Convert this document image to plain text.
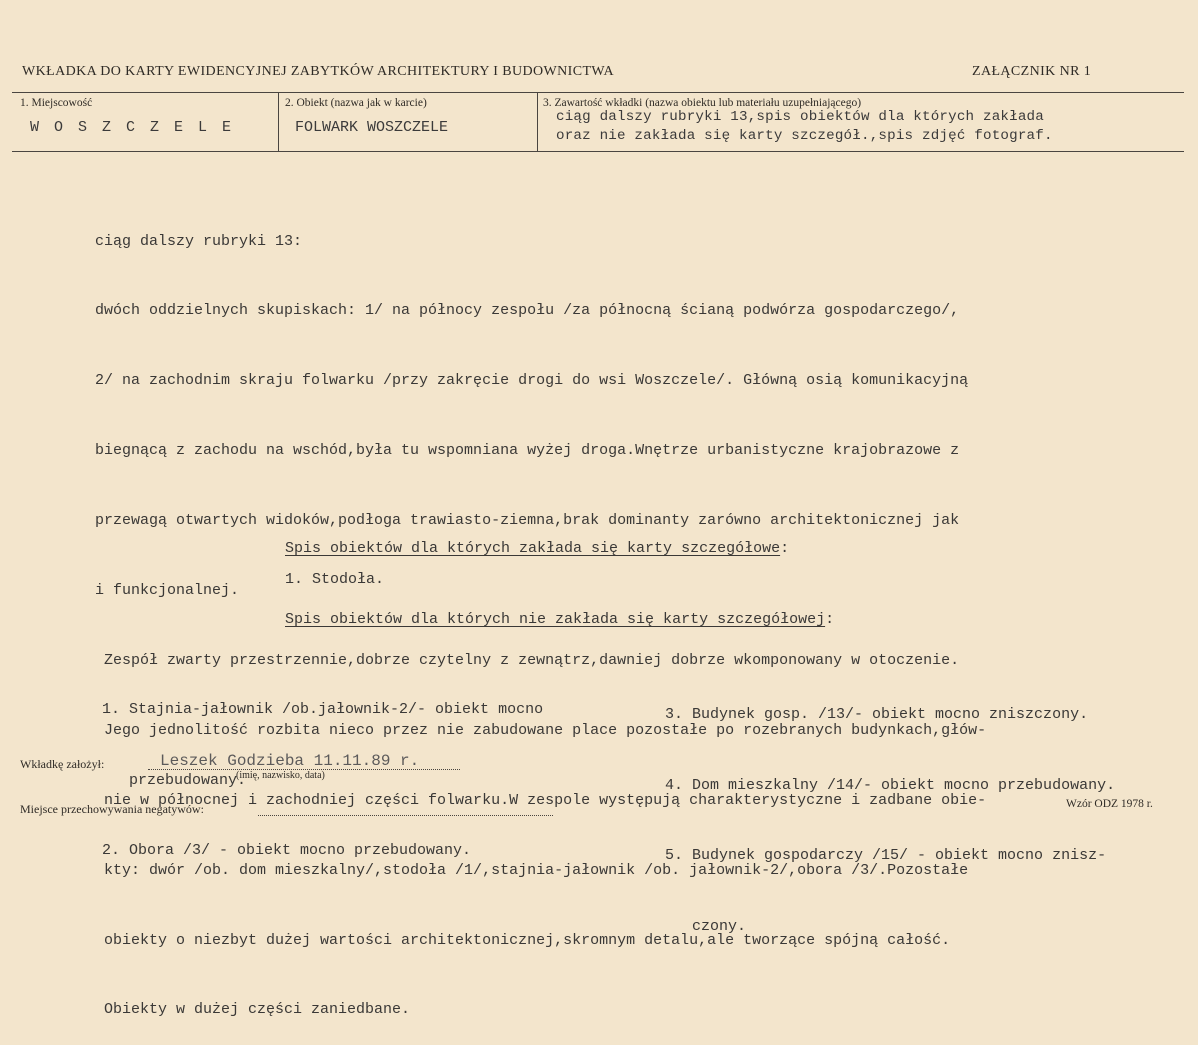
WKŁADKA DO KARTY EWIDENCYJNEJ ZABYTKÓW ARCHITEKTURY I BUDOWNICTWA	ZAŁĄCZNIK NR 1
1. Miejscowość
W O S Z C Z E L E
2. Obiekt (nazwa jak w karcie)
FOLWARK WOSZCZELE
3. Zawartość wkładki (nazwa obiektu lub materiału uzupełniającego)
ciąg dalszy rubryki 13,spis obiektów dla których zakłada
oraz nie zakłada się karty szczegół.,spis zdjęć fotograf.

ciąg dalszy rubryki 13:

dwóch oddzielnych skupiskach: 1/ na północy zespołu /za północną ścianą podwórza gospodarczego/,

2/ na zachodnim skraju folwarku /przy zakręcie drogi do wsi Woszczele/. Główną osią komunikacyjną

biegnącą z zachodu na wschód,była tu wspomniana wyżej droga.Wnętrze urbanistyczne krajobrazowe z

przewagą otwartych widoków,podłoga trawiasto-ziemna,brak dominanty zarówno architektonicznej jak

i funkcjonalnej.

Zespół zwarty przestrzennie,dobrze czytelny z zewnątrz,dawniej dobrze wkomponowany w otoczenie.

Jego jednolitość rozbita nieco przez nie zabudowane place pozostałe po rozebranych budynkach,głów-

nie w północnej i zachodniej części folwarku.W zespole występują charakterystyczne i zadbane obie-

kty: dwór /ob. dom mieszkalny/,stodoła /1/,stajnia-jałownik /ob. jałownik-2/,obora /3/.Pozostałe

obiekty o niezbyt dużej wartości architektonicznej,skromnym detalu,ale tworzące spójną całość.

Obiekty w dużej części zaniedbane.

Spis obiektów dla których zakłada się karty szczegółowe:
1. Stodoła.
Spis obiektów dla których nie zakłada się karty szczegółowej:

1. Stajnia-jałownik /ob.jałownik-2/- obiekt mocno

przebudowany.

2. Obora /3/ - obiekt mocno przebudowany.

3. Budynek gosp. /13/- obiekt mocno zniszczony.

4. Dom mieszkalny /14/- obiekt mocno przebudowany.

5. Budynek gospodarczy /15/ - obiekt mocno znisz-

czony.

Wkładkę założył:	Leszek Godzieba 11.11.89 r.
(imię, nazwisko, data)
Miejsce przechowywania negatywów:	Wzór ODZ 1978 r.
